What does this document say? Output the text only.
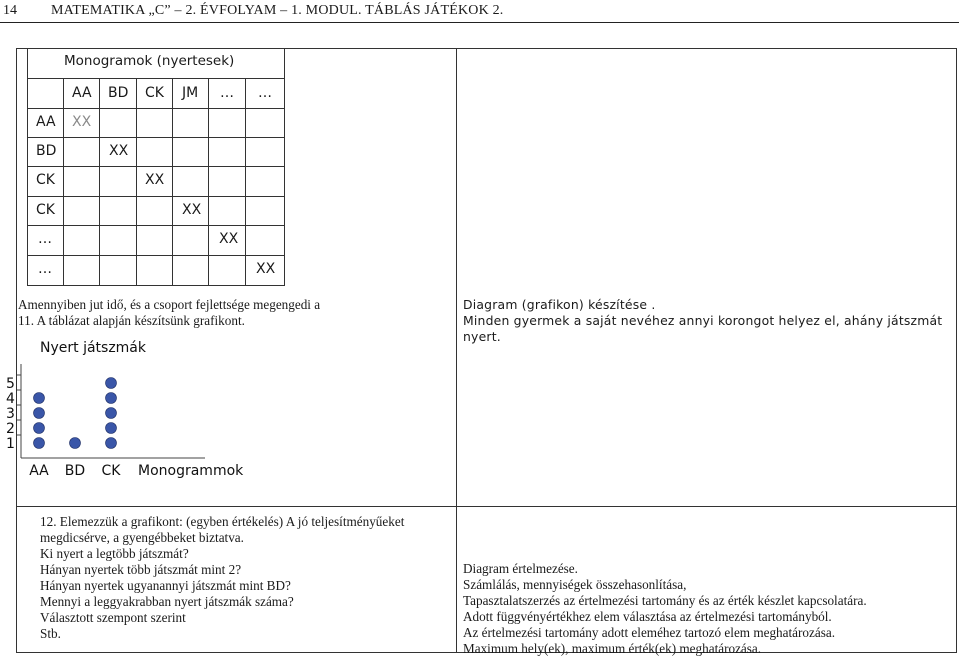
14 MATEMATIKA „C” – 2. ÉVFOLYAM – 1. MODUL. TÁBLÁS JÁTÉKOK 2.
Monogramok (nyertesek)
AA BD CK JM … …
AA
BD
CK
CK
…
…
XX
XX
XX
XX
XX
XX
Amennyiben jut idő, és a csoport fejlettsége megengedi a
11. A táblázat alapján készítsünk grafikont.
Nyert játszmák
1
2
3
4
5
AA BD CK Monogrammok
Diagram (grafikon) készítése .
Minden gyermek a saját nevéhez annyi korongot helyez el, ahány játszmát
nyert.
12. Elemezzük a grafikont: (egyben értékelés) A jó teljesítményűeket
megdicsérve, a gyengébbeket biztatva.
Ki nyert a legtöbb játszmát?
Hányan nyertek több játszmát mint 2?
Hányan nyertek ugyanannyi játszmát mint BD?
Mennyi a leggyakrabban nyert játszmák száma?
Választott szempont szerint
Stb.
Diagram értelmezése.
Számlálás, mennyiségek összehasonlítása,
Tapasztalatszerzés az értelmezési tartomány és az érték készlet kapcsolatára.
Adott függvényértékhez elem választása az értelmezési tartományból.
Az értelmezési tartomány adott eleméhez tartozó elem meghatározása.
Maximum hely(ek), maximum érték(ek) meghatározása.
